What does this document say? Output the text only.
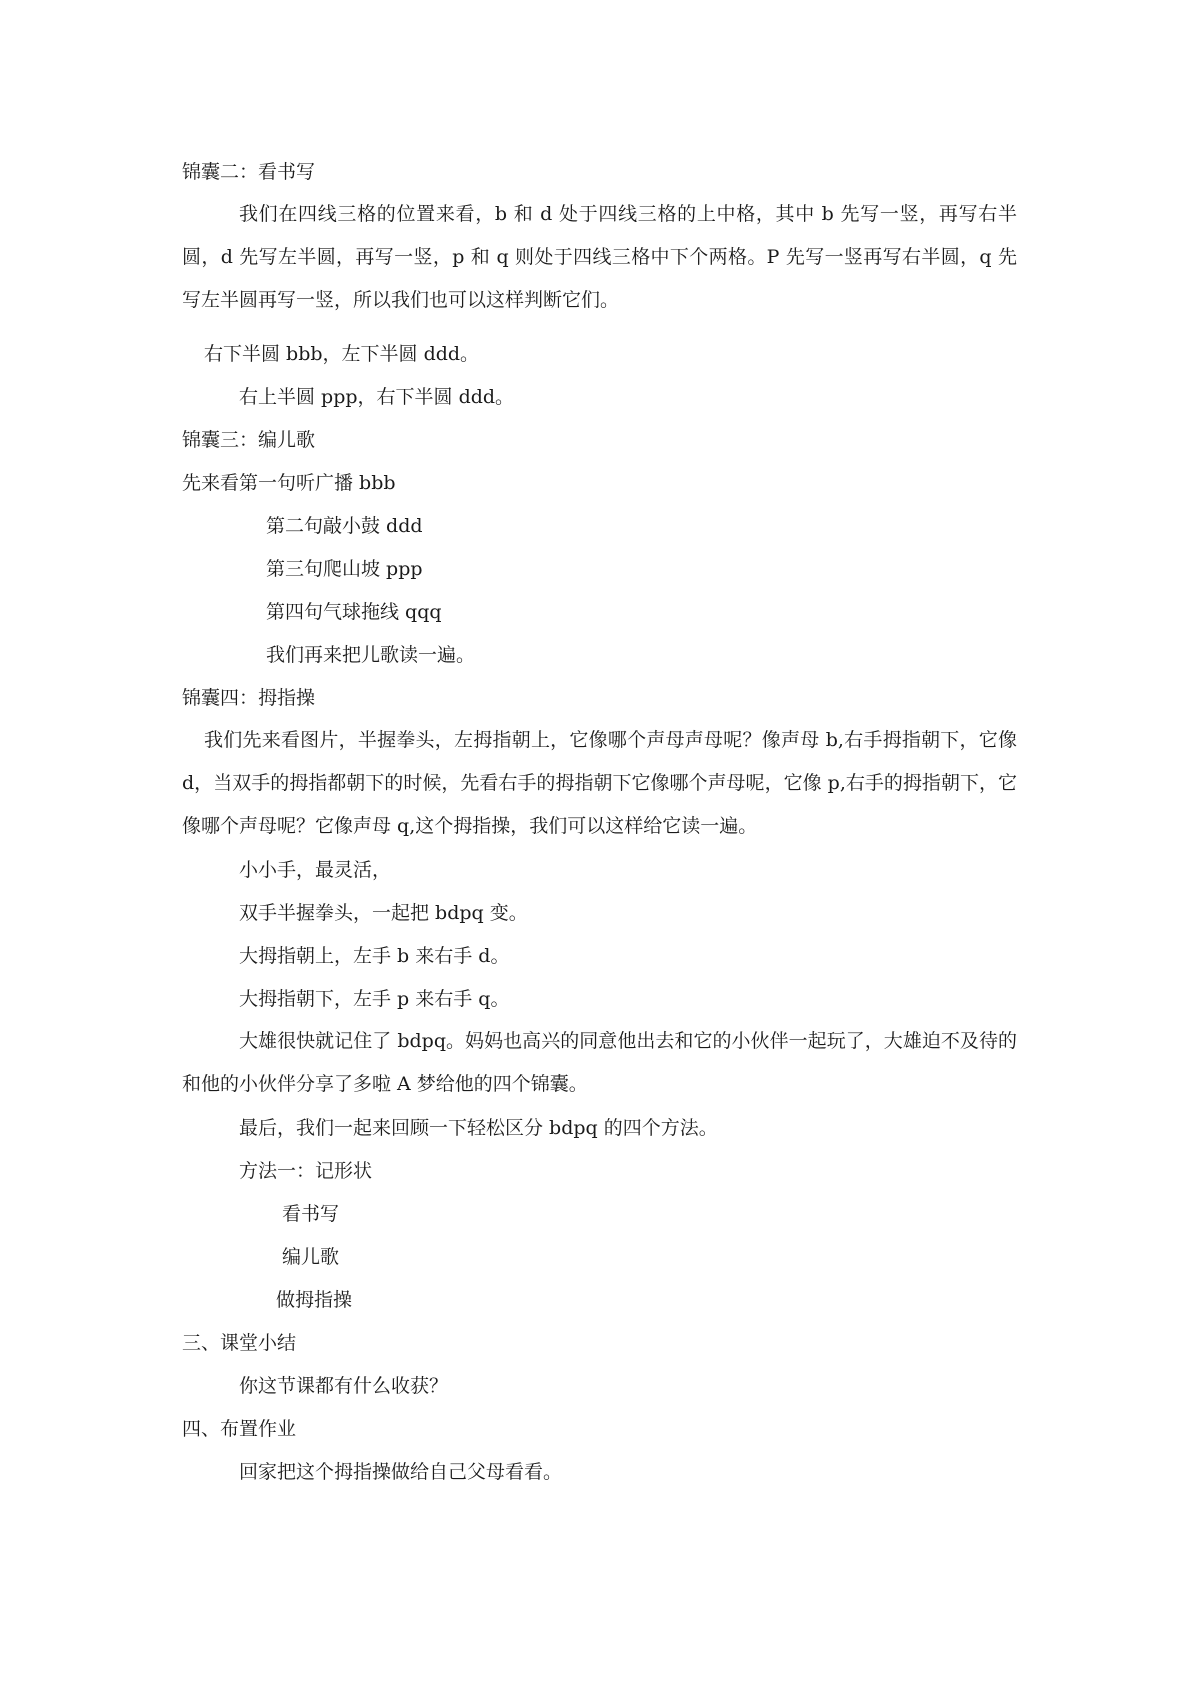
锦囊二：看书写

我们在四线三格的位置来看，b 和 d 处于四线三格的上中格，其中 b 先写一竖，再写右半圆，d 先写左半圆，再写一竖，p 和 q 则处于四线三格中下个两格。P 先写一竖再写右半圆，q 先写左半圆再写一竖，所以我们也可以这样判断它们。

右下半圆 bbb，左下半圆 ddd。

右上半圆 ppp，右下半圆 ddd。

锦囊三：编儿歌

先来看第一句听广播 bbb

第二句敲小鼓 ddd

第三句爬山坡 ppp

第四句气球拖线 qqq

我们再来把儿歌读一遍。

锦囊四：拇指操

我们先来看图片，半握拳头，左拇指朝上，它像哪个声母声母呢？像声母 b,右手拇指朝下，它像 d，当双手的拇指都朝下的时候，先看右手的拇指朝下它像哪个声母呢，它像 p,右手的拇指朝下，它像哪个声母呢？它像声母 q,这个拇指操，我们可以这样给它读一遍。

小小手，最灵活，

双手半握拳头，一起把 bdpq 变。

大拇指朝上，左手 b 来右手 d。

大拇指朝下，左手 p 来右手 q。

大雄很快就记住了 bdpq。妈妈也高兴的同意他出去和它的小伙伴一起玩了，大雄迫不及待的和他的小伙伴分享了多啦 A 梦给他的四个锦囊。

最后，我们一起来回顾一下轻松区分 bdpq 的四个方法。

方法一：记形状

看书写

编儿歌

做拇指操

三、课堂小结

你这节课都有什么收获？

四、布置作业

回家把这个拇指操做给自己父母看看。
